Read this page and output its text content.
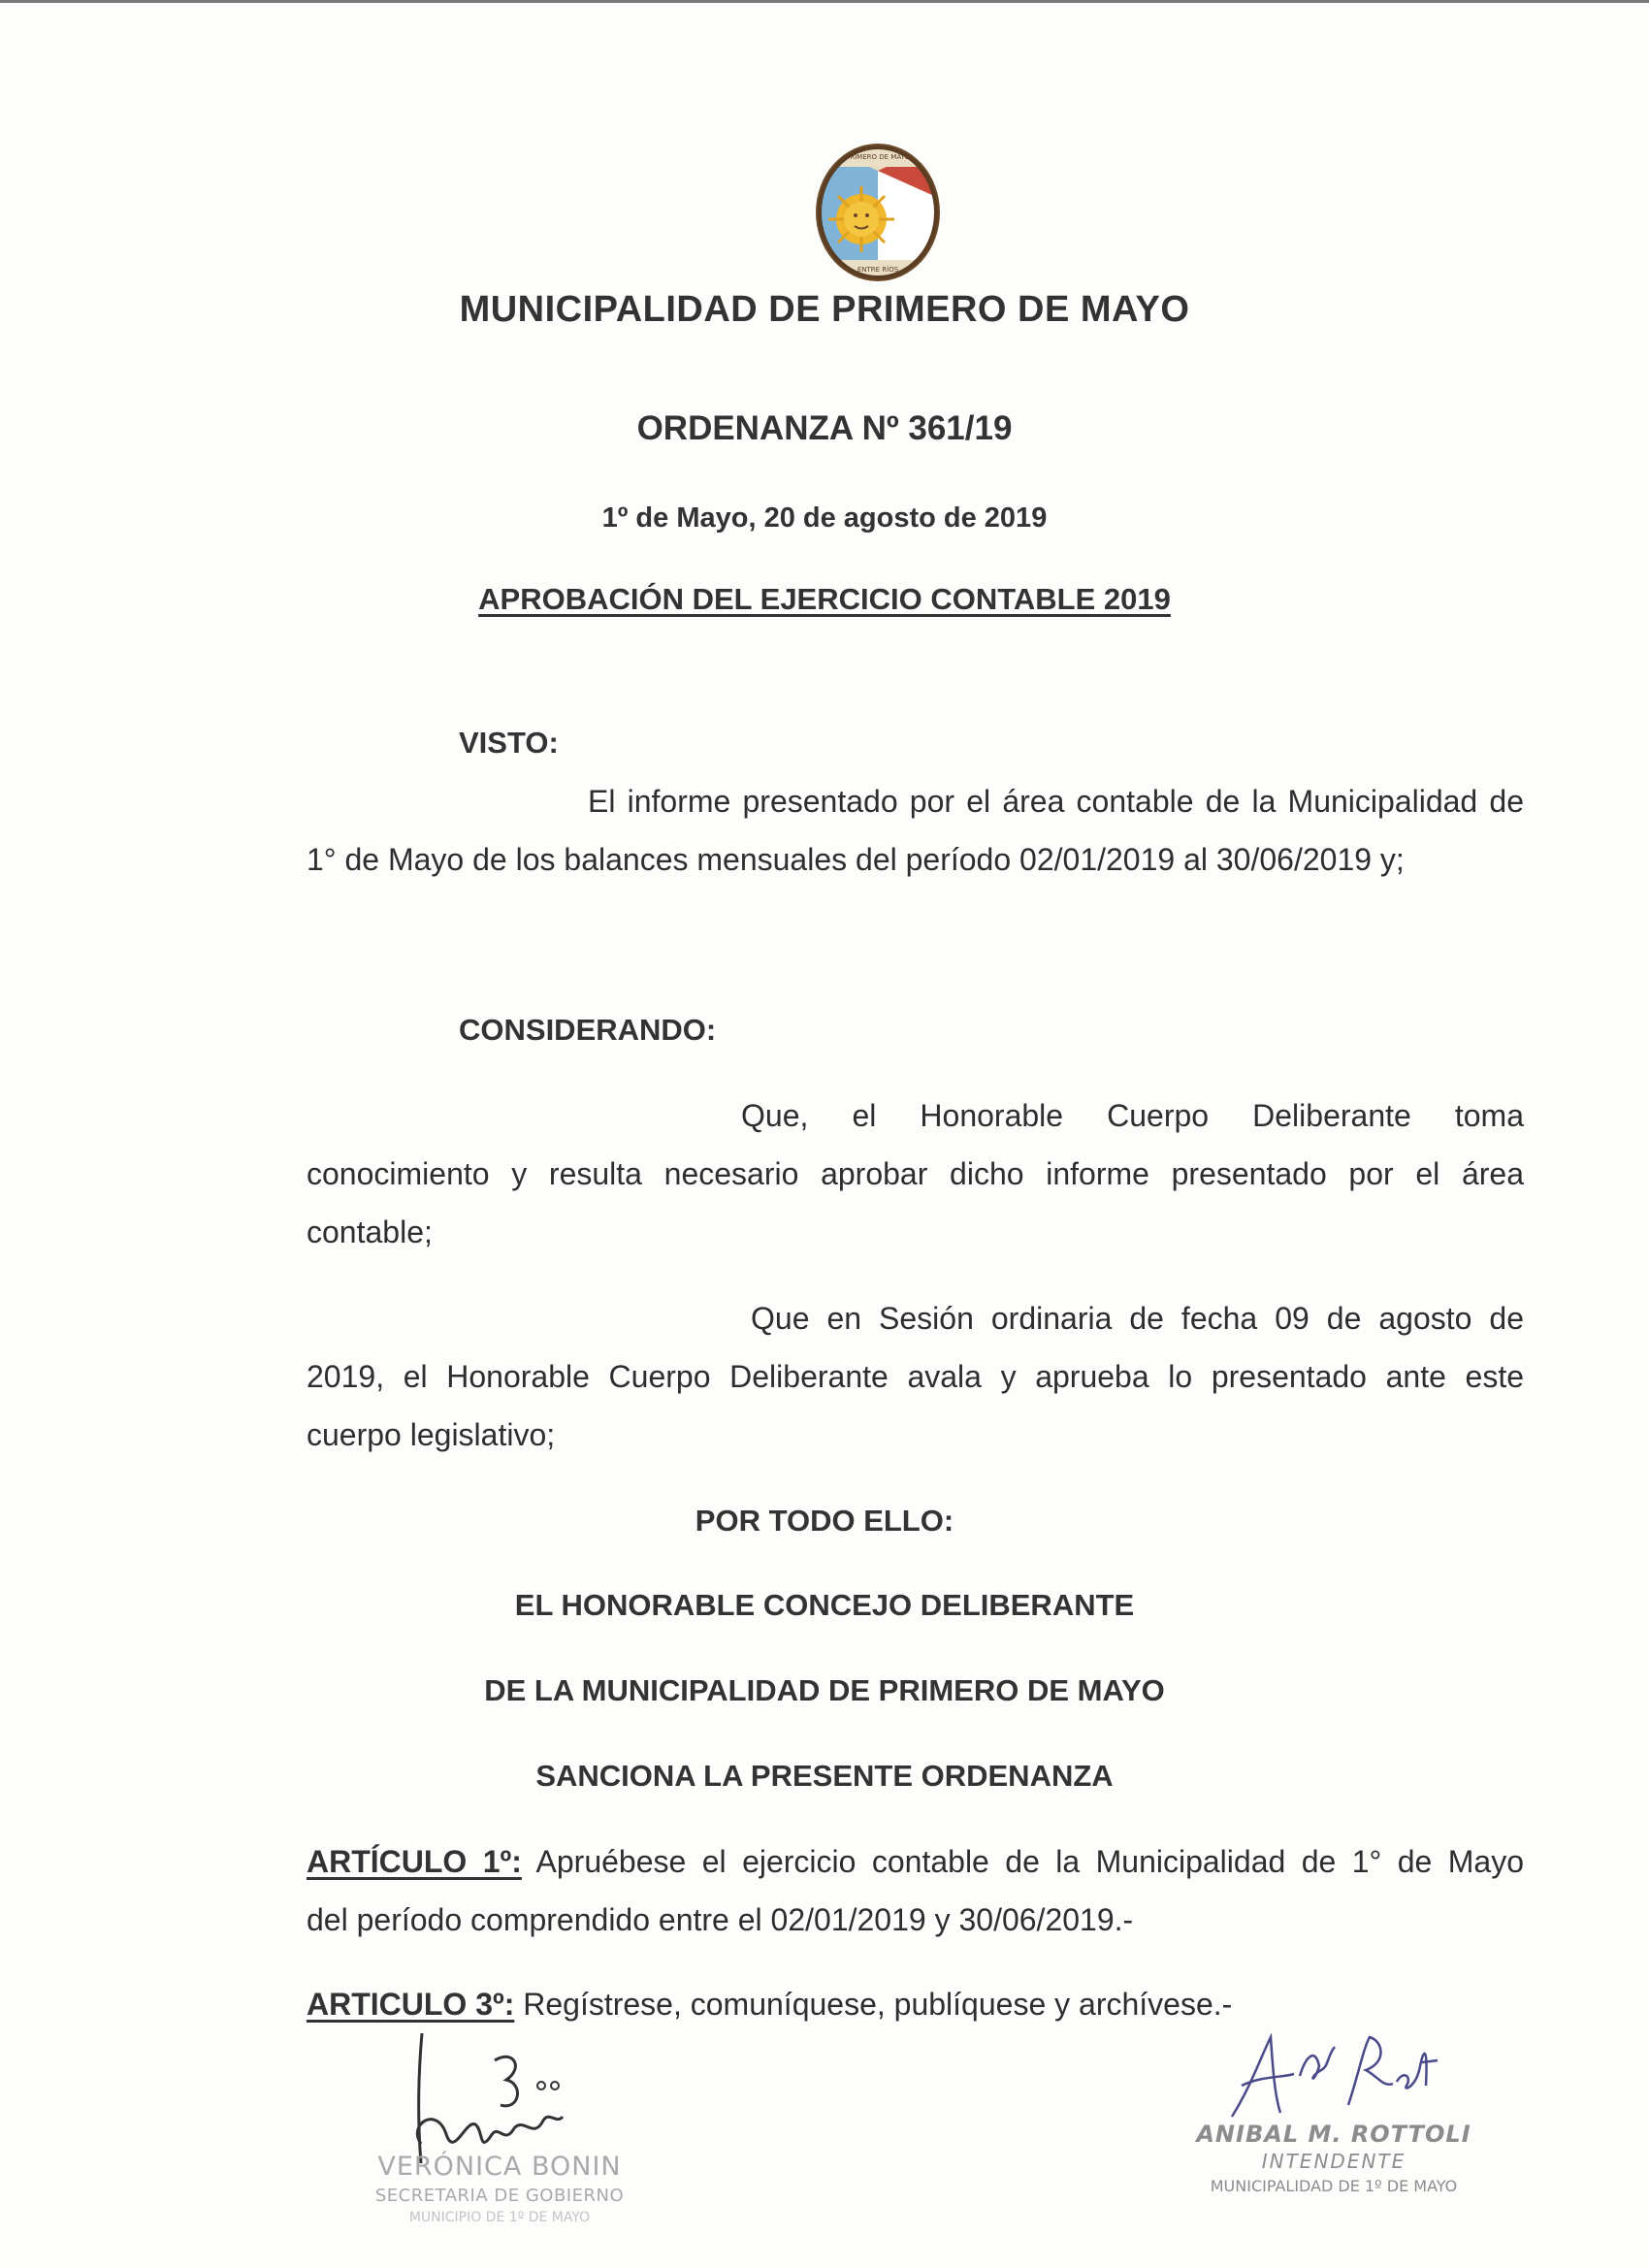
PRIMERO DE MAYO
ENTRE RÍOS
MUNICIPALIDAD DE PRIMERO DE MAYO
ORDENANZA Nº 361/19
1º de Mayo, 20 de agosto de 2019
APROBACIÓN DEL EJERCICIO CONTABLE 2019
VISTO:
El informe presentado por el área contable de la Municipalidad de
1° de Mayo de los balances mensuales del período 02/01/2019 al 30/06/2019 y;
CONSIDERANDO:
Que, el Honorable Cuerpo Deliberante toma
conocimiento y resulta necesario aprobar dicho informe presentado por el área
contable;
Que en Sesión ordinaria de fecha 09 de agosto de
2019, el Honorable Cuerpo Deliberante avala y aprueba lo presentado ante este
cuerpo legislativo;
POR TODO ELLO:
EL HONORABLE CONCEJO DELIBERANTE
DE LA MUNICIPALIDAD DE PRIMERO DE MAYO
SANCIONA LA PRESENTE ORDENANZA
ARTÍCULO 1º: Apruébese el ejercicio contable de la Municipalidad de 1° de Mayo
del período comprendido entre el 02/01/2019 y 30/06/2019.-
ARTICULO 3º: Regístrese, comuníquese, publíquese y archívese.-
VERÓNICA BONIN
SECRETARIA DE GOBIERNO
MUNICIPIO DE 1º DE MAYO
ANIBAL M. ROTTOLI
INTENDENTE
MUNICIPALIDAD DE 1º DE MAYO
